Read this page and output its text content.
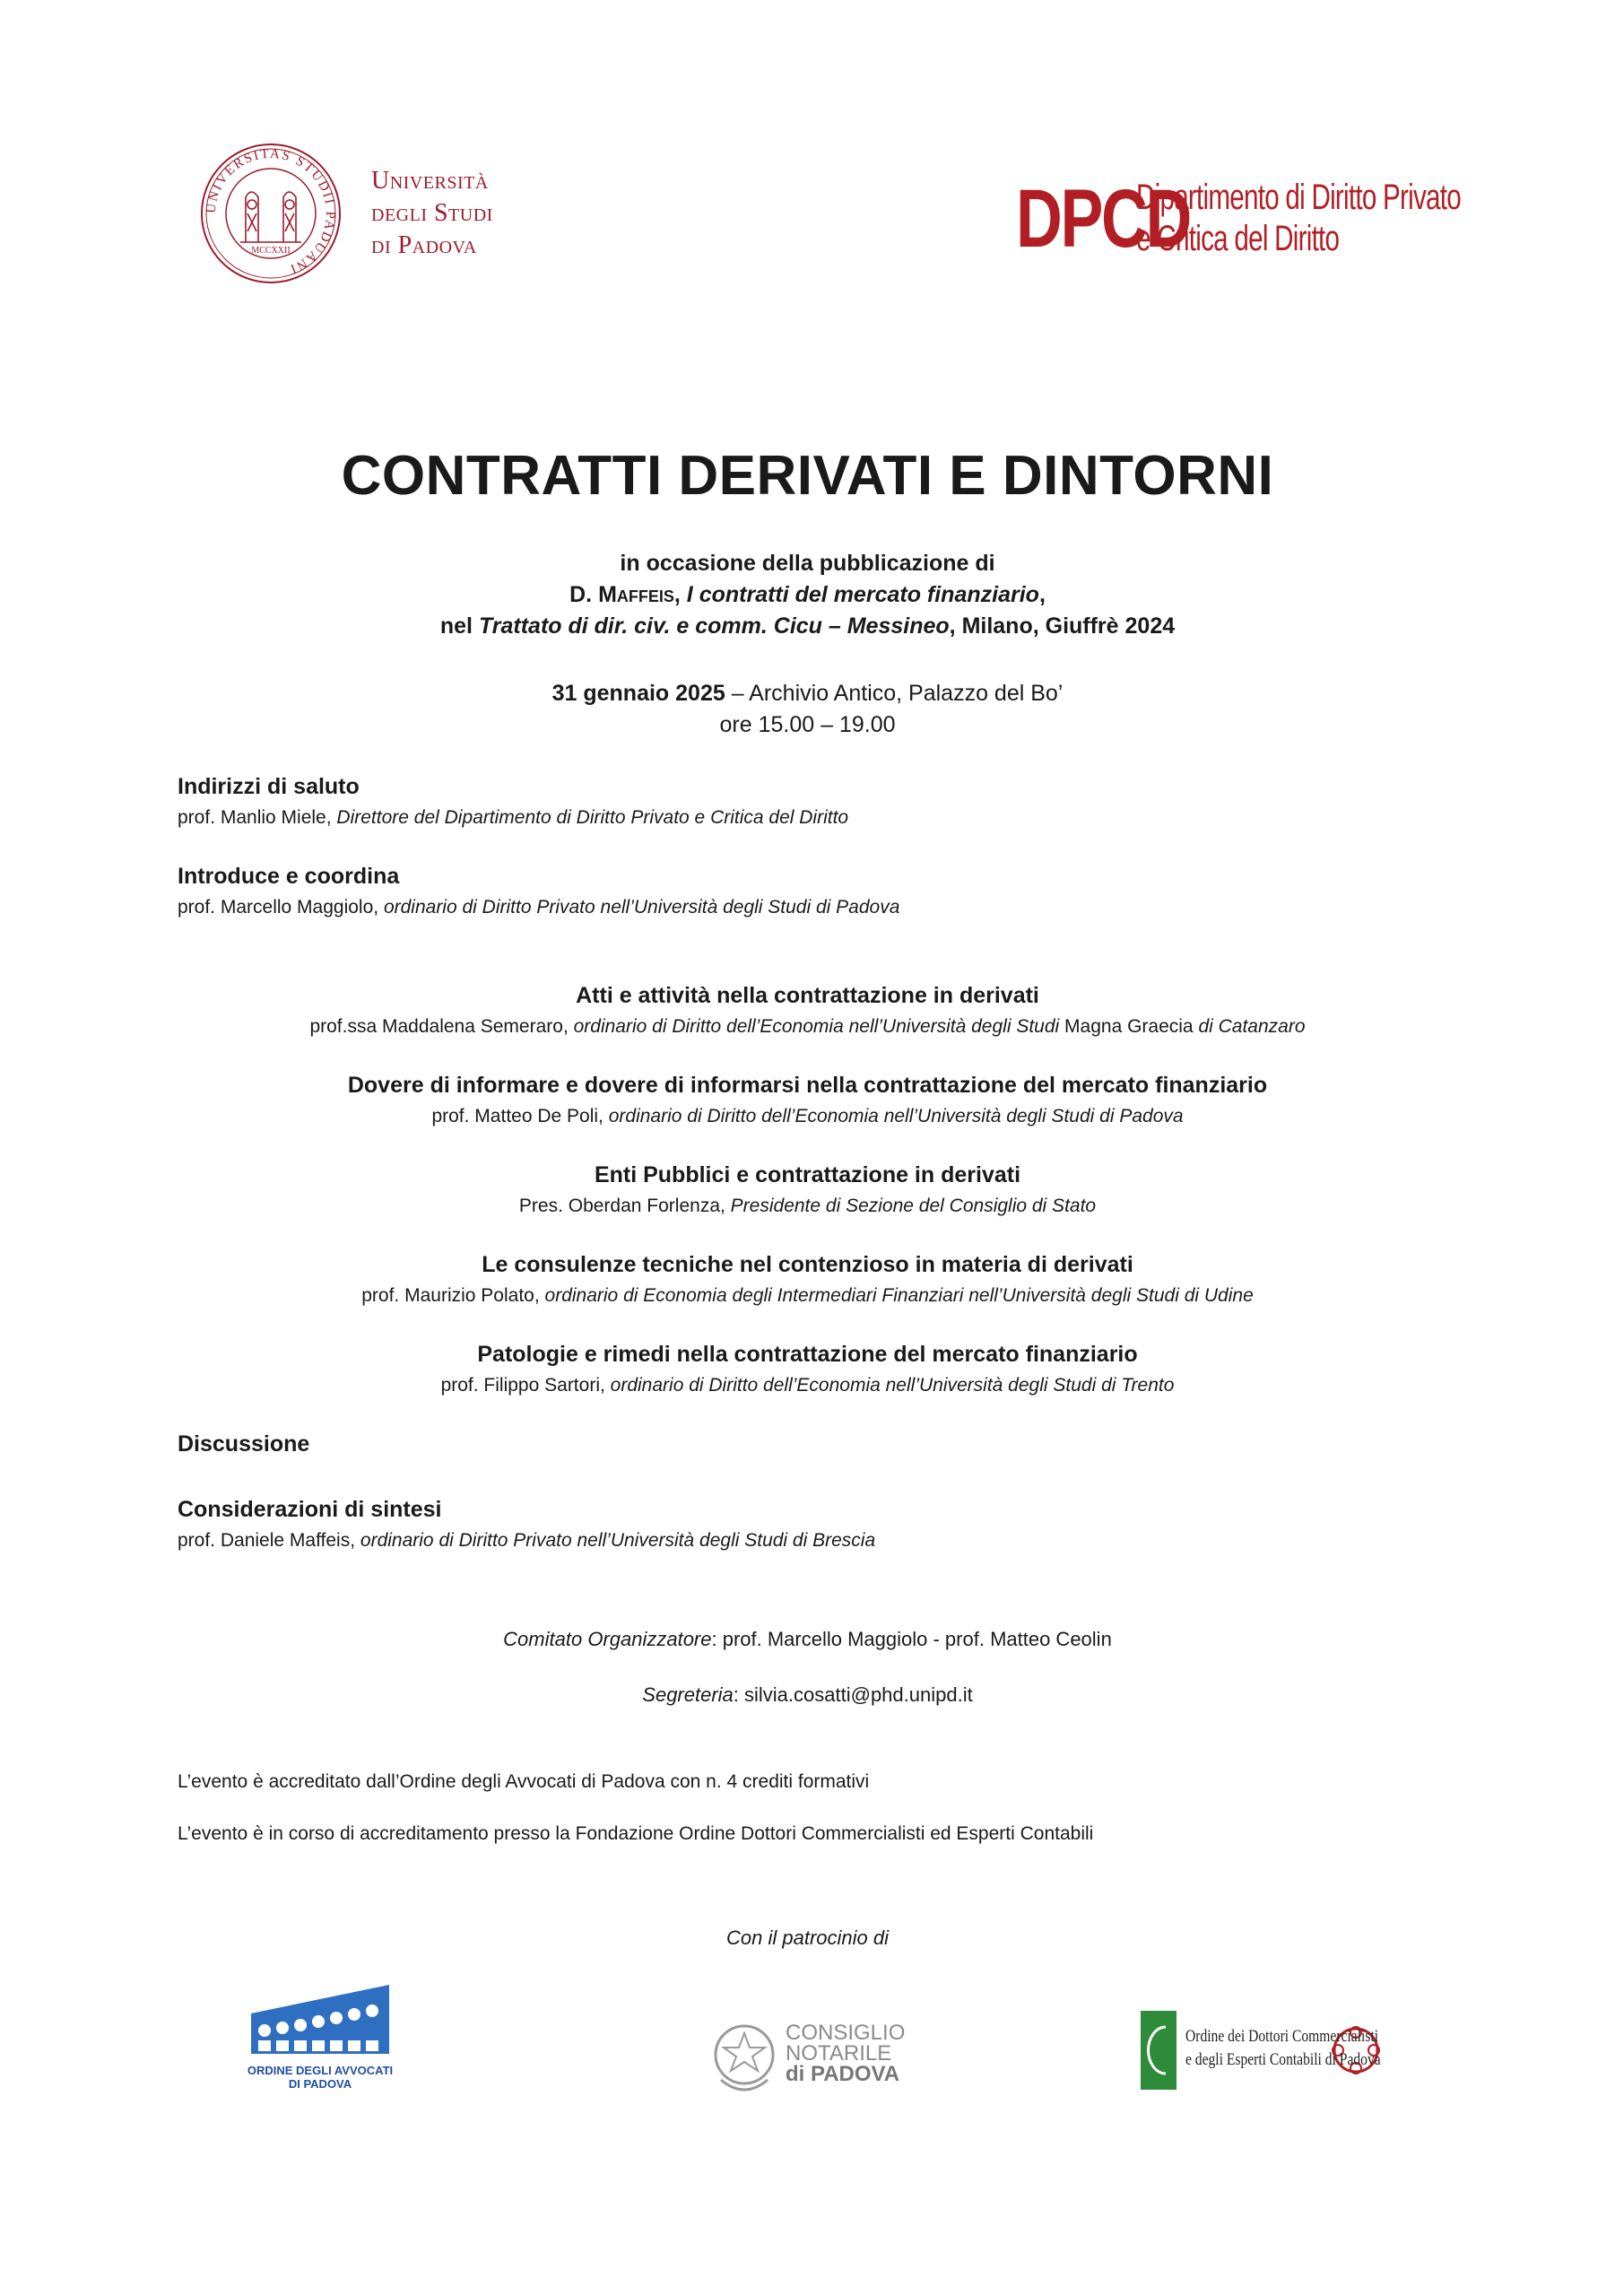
UNIVERSITAS STUDII PADUANI
MCCXXII
Università
degli Studi
di Padova	DPCD
Dipartimento di Diritto Privato
e Critica del Diritto
CONTRATTI DERIVATI E DINTORNI
in occasione della pubblicazione di
D. Maffeis, I contratti del mercato finanziario,
nel Trattato di dir. civ. e comm. Cicu – Messineo, Milano, Giuffrè 2024
31 gennaio 2025 – Archivio Antico, Palazzo del Bo’
ore 15.00 – 19.00
Indirizzi di saluto
prof. Manlio Miele, Direttore del Dipartimento di Diritto Privato e Critica del Diritto
Introduce e coordina
prof. Marcello Maggiolo, ordinario di Diritto Privato nell’Università degli Studi di Padova
Atti e attività nella contrattazione in derivati
prof.ssa Maddalena Semeraro, ordinario di Diritto dell’Economia nell’Università degli Studi Magna Graecia di Catanzaro
Dovere di informare e dovere di informarsi nella contrattazione del mercato finanziario
prof. Matteo De Poli, ordinario di Diritto dell’Economia nell’Università degli Studi di Padova
Enti Pubblici e contrattazione in derivati
Pres. Oberdan Forlenza, Presidente di Sezione del Consiglio di Stato
Le consulenze tecniche nel contenzioso in materia di derivati
prof. Maurizio Polato, ordinario di Economia degli Intermediari Finanziari nell’Università degli Studi di Udine
Patologie e rimedi nella contrattazione del mercato finanziario
prof. Filippo Sartori, ordinario di Diritto dell’Economia nell’Università degli Studi di Trento
Discussione
Considerazioni di sintesi
prof. Daniele Maffeis, ordinario di Diritto Privato nell’Università degli Studi di Brescia
Comitato Organizzatore: prof. Marcello Maggiolo - prof. Matteo Ceolin
Segreteria: silvia.cosatti@phd.unipd.it
L’evento è accreditato dall’Ordine degli Avvocati di Padova con n. 4 crediti formativi
L’evento è in corso di accreditamento presso la Fondazione Ordine Dottori Commercialisti ed Esperti Contabili
Con il patrocinio di
ORDINE DEGLI AVVOCATI
DI PADOVA
CONSIGLIO
NOTARILE
di PADOVA
Ordine dei Dottori Commercialisti
e degli Esperti Contabili di Padova
